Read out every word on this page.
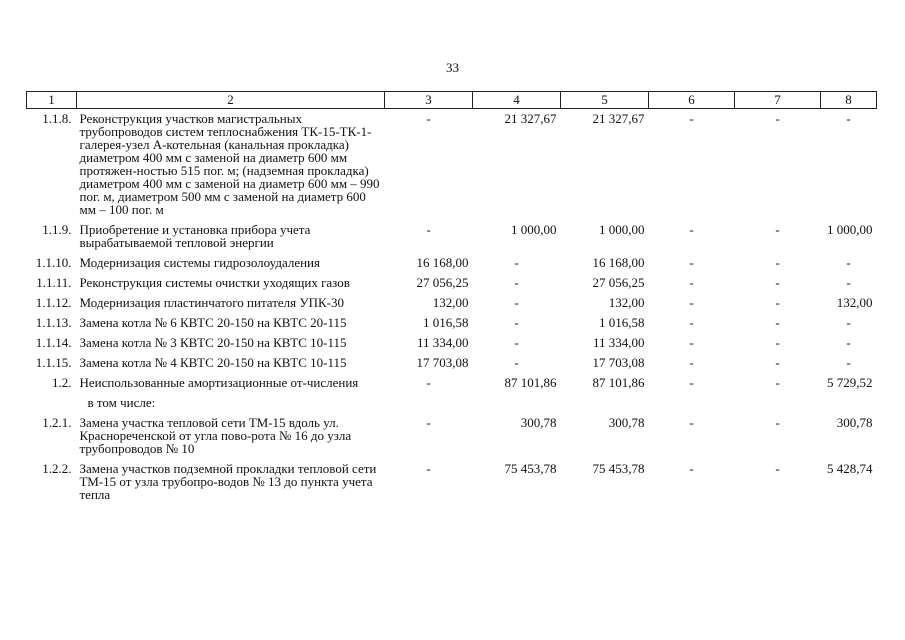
33
1	2	3	4	5	6	7	8
1.1.8.	Реконструкция участков магистральных трубопроводов систем теплоснабжения ТК-15-ТК-1-галерея-узел А-котельная (канальная прокладка) диаметром 400 мм с заменой на диаметр 600 мм протяжен-ностью 515 пог. м; (надземная прокладка) диаметром 400 мм с заменой на диаметр 600 мм – 990 пог. м, диаметром 500 мм с заменой на диаметр 600 мм – 100 пог. м	-	21 327,67	21 327,67	-	-	-
1.1.9.	Приобретение и установка прибора учета вырабатываемой тепловой энергии	-	1 000,00	1 000,00	-	-	1 000,00
1.1.10.	Модернизация системы гидрозолоудаления	16 168,00	-	16 168,00	-	-	-
1.1.11.	Реконструкция системы очистки уходящих газов	27 056,25	-	27 056,25	-	-	-
1.1.12.	Модернизация пластинчатого питателя УПК-30	132,00	-	132,00	-	-	132,00
1.1.13.	Замена котла № 6 КВТС 20-150 на КВТС 20-115	1 016,58	-	1 016,58	-	-	-
1.1.14.	Замена котла № 3 КВТС 20-150 на КВТС 10-115	11 334,00	-	11 334,00	-	-	-
1.1.15.	Замена котла № 4 КВТС 20-150 на КВТС 10-115	17 703,08	-	17 703,08	-	-	-
1.2.	Неиспользованные амортизационные от-числения	-	87 101,86	87 101,86	-	-	5 729,52

	в том числе:						

1.2.1.	Замена участка тепловой сети ТМ-15 вдоль ул. Краснореченской от угла пово-рота № 16 до узла трубопроводов № 10	-	300,78	300,78	-	-	300,78
1.2.2.	Замена участков подземной прокладки тепловой сети ТМ-15 от узла трубопро-водов № 13 до пункта учета тепла	-	75 453,78	75 453,78	-	-	5 428,74
